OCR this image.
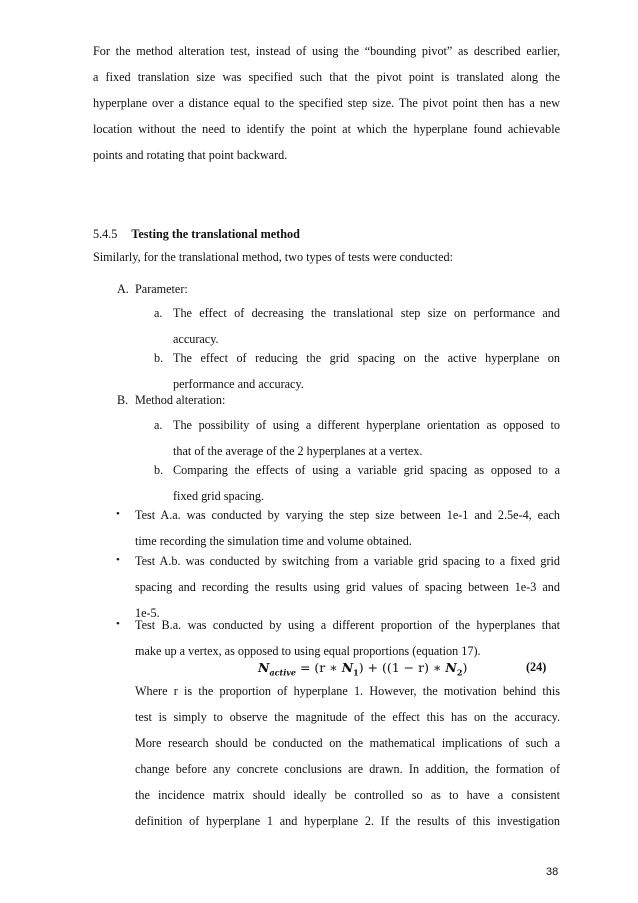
For the method alteration test, instead of using the “bounding pivot” as described earlier,
a fixed translation size was specified such that the pivot point is translated along the
hyperplane over a distance equal to the specified step size. The pivot point then has a new
location without the need to identify the point at which the hyperplane found achievable
points and rotating that point backward.
5.4.5 Testing the translational method
Similarly, for the translational method, two types of tests were conducted:
A. Parameter:
a. The effect of decreasing the translational step size on performance and
accuracy.
b. The effect of reducing the grid spacing on the active hyperplane on
performance and accuracy.
B. Method alteration:
a. The possibility of using a different hyperplane orientation as opposed to
that of the average of the 2 hyperplanes at a vertex.
b. Comparing the effects of using a variable grid spacing as opposed to a
fixed grid spacing.
• Test A.a. was conducted by varying the step size between 1e-1 and 2.5e-4, each
time recording the simulation time and volume obtained.
• Test A.b. was conducted by switching from a variable grid spacing to a fixed grid
spacing and recording the results using grid values of spacing between 1e-3 and
1e-5.
• Test B.a. was conducted by using a different proportion of the hyperplanes that
make up a vertex, as opposed to using equal proportions (equation 17).
$N_{active} = (r$ ∗ $N_1) + ((1 - r)$ ∗ $N_2$)	(24)
Where r is the proportion of hyperplane 1. However, the motivation behind this
test is simply to observe the magnitude of the effect this has on the accuracy.
More research should be conducted on the mathematical implications of such a
change before any concrete conclusions are drawn. In addition, the formation of
the incidence matrix should ideally be controlled so as to have a consistent
definition of hyperplane 1 and hyperplane 2. If the results of this investigation
38
